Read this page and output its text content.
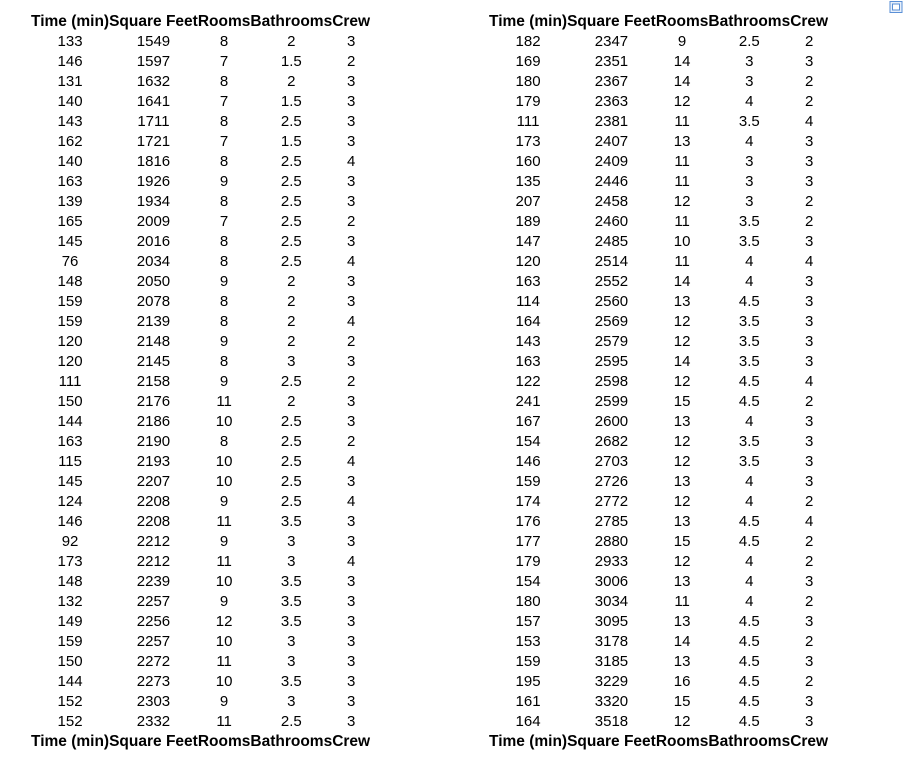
Time (min)	Square Feet	Rooms	Bathrooms	Crew
133	1549	8	2	3
146	1597	7	1.5	2
131	1632	8	2	3
140	1641	7	1.5	3
143	1711	8	2.5	3
162	1721	7	1.5	3
140	1816	8	2.5	4
163	1926	9	2.5	3
139	1934	8	2.5	3
165	2009	7	2.5	2
145	2016	8	2.5	3
76	2034	8	2.5	4
148	2050	9	2	3
159	2078	8	2	3
159	2139	8	2	4
120	2148	9	2	2
120	2145	8	3	3
111	2158	9	2.5	2
150	2176	11	2	3
144	2186	10	2.5	3
163	2190	8	2.5	2
115	2193	10	2.5	4
145	2207	10	2.5	3
124	2208	9	2.5	4
146	2208	11	3.5	3
92	2212	9	3	3
173	2212	11	3	4
148	2239	10	3.5	3
132	2257	9	3.5	3
149	2256	12	3.5	3
159	2257	10	3	3
150	2272	11	3	3
144	2273	10	3.5	3
152	2303	9	3	3
152	2332	11	2.5	3
Time (min)	Square Feet	Rooms	Bathrooms	Crew
Time (min)	Square Feet	Rooms	Bathrooms	Crew
182	2347	9	2.5	2
169	2351	14	3	3
180	2367	14	3	2
179	2363	12	4	2
111	2381	11	3.5	4
173	2407	13	4	3
160	2409	11	3	3
135	2446	11	3	3
207	2458	12	3	2
189	2460	11	3.5	2
147	2485	10	3.5	3
120	2514	11	4	4
163	2552	14	4	3
114	2560	13	4.5	3
164	2569	12	3.5	3
143	2579	12	3.5	3
163	2595	14	3.5	3
122	2598	12	4.5	4
241	2599	15	4.5	2
167	2600	13	4	3
154	2682	12	3.5	3
146	2703	12	3.5	3
159	2726	13	4	3
174	2772	12	4	2
176	2785	13	4.5	4
177	2880	15	4.5	2
179	2933	12	4	2
154	3006	13	4	3
180	3034	11	4	2
157	3095	13	4.5	3
153	3178	14	4.5	2
159	3185	13	4.5	3
195	3229	16	4.5	2
161	3320	15	4.5	3
164	3518	12	4.5	3
Time (min)	Square Feet	Rooms	Bathrooms	Crew
